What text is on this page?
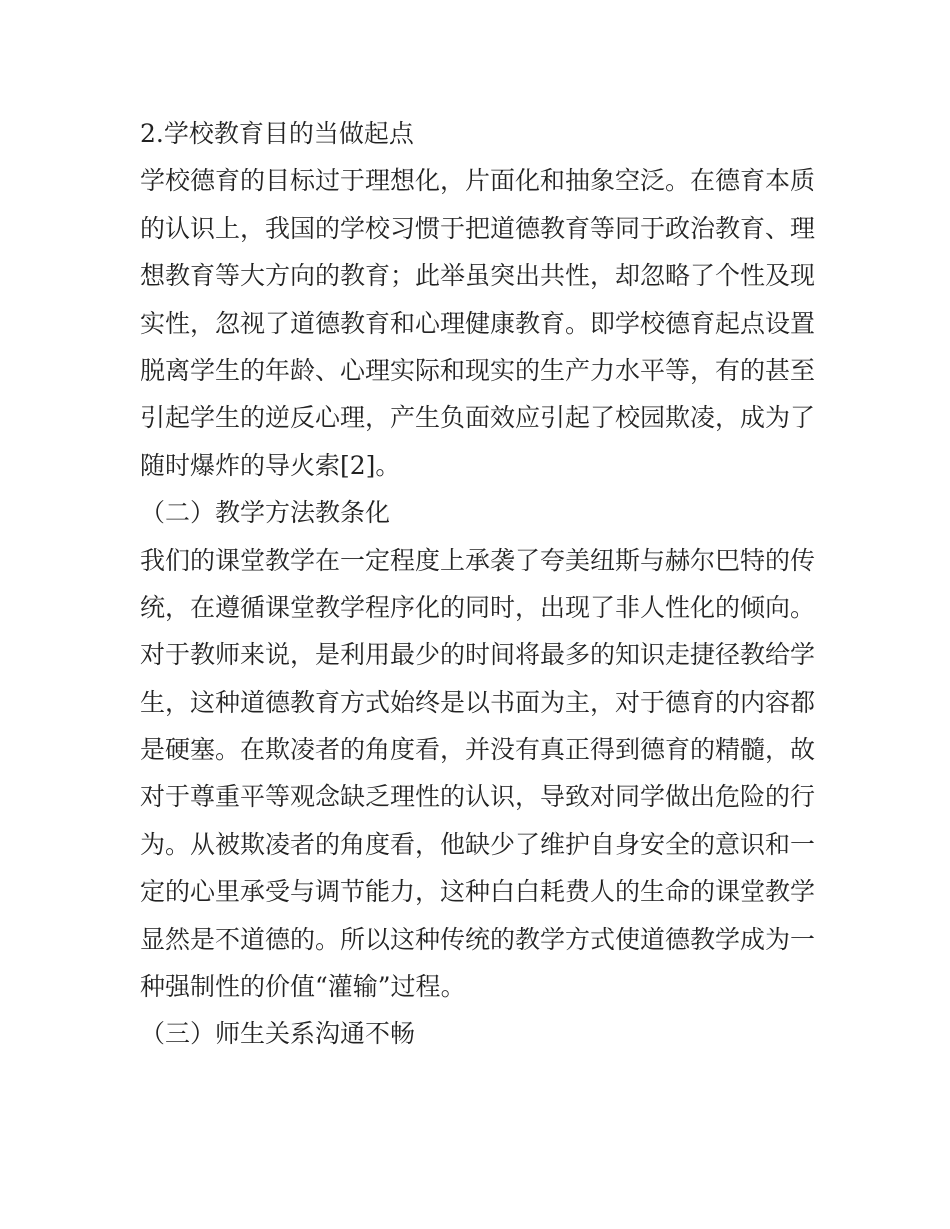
2.学校教育目的当做起点
学校德育的目标过于理想化，片面化和抽象空泛。在德育本质
的认识上，我国的学校习惯于把道德教育等同于政治教育、理
想教育等大方向的教育；此举虽突出共性，却忽略了个性及现
实性，忽视了道德教育和心理健康教育。即学校德育起点设置
脱离学生的年龄、心理实际和现实的生产力水平等，有的甚至
引起学生的逆反心理，产生负面效应引起了校园欺凌，成为了
随时爆炸的导火索[2]。
（二）教学方法教条化
我们的课堂教学在一定程度上承袭了夸美纽斯与赫尔巴特的传
统，在遵循课堂教学程序化的同时，出现了非人性化的倾向。
对于教师来说，是利用最少的时间将最多的知识走捷径教给学
生，这种道德教育方式始终是以书面为主，对于德育的内容都
是硬塞。在欺凌者的角度看，并没有真正得到德育的精髓，故
对于尊重平等观念缺乏理性的认识，导致对同学做出危险的行
为。从被欺凌者的角度看，他缺少了维护自身安全的意识和一
定的心里承受与调节能力，这种白白耗费人的生命的课堂教学
显然是不道德的。所以这种传统的教学方式使道德教学成为一
种强制性的价值“灌输”过程。
（三）师生关系沟通不畅
